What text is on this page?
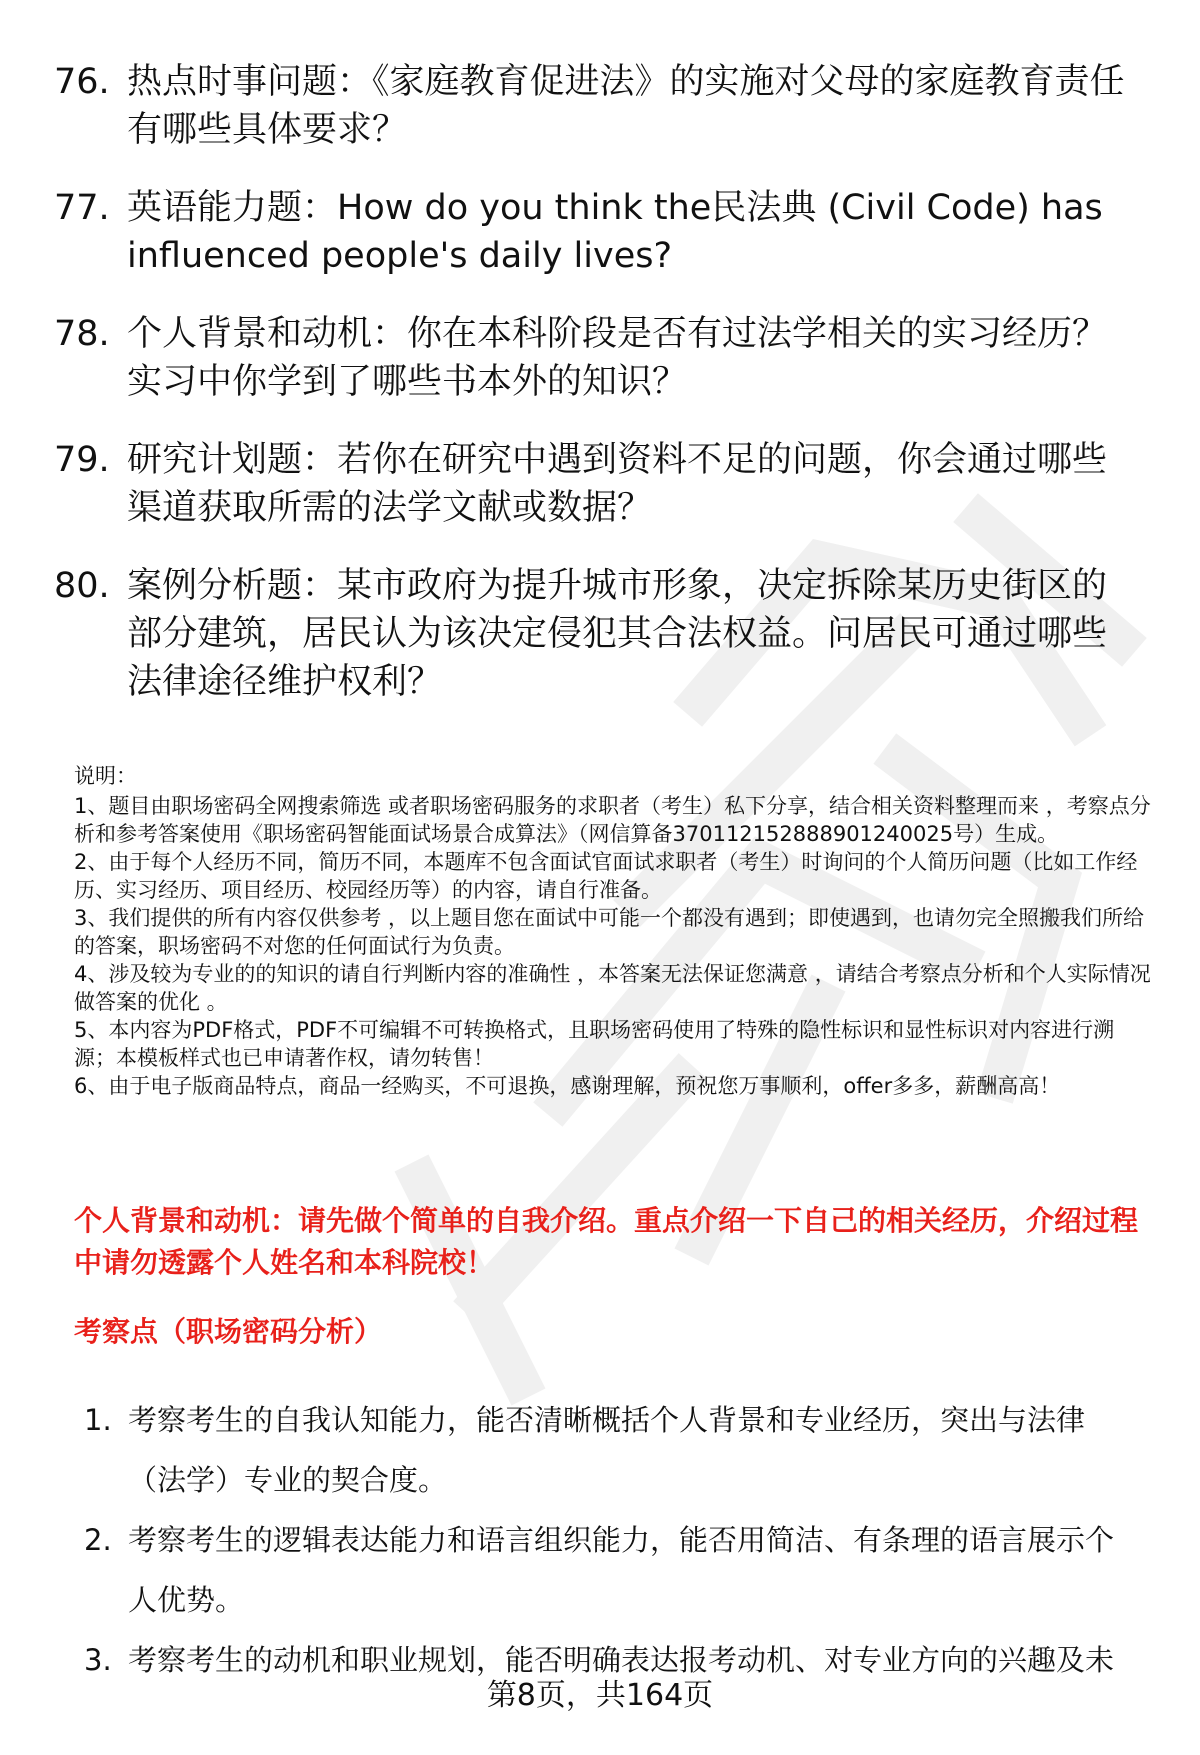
76. 热点时事问题：《家庭教育促进法》的实施对父母的家庭教育责任有哪些具体要求？
77. 英语能力题：How do you think the民法典 (Civil Code) has influenced people's daily lives?
78. 个人背景和动机：你在本科阶段是否有过法学相关的实习经历？实习中你学到了哪些书本外的知识？
79. 研究计划题：若你在研究中遇到资料不足的问题，你会通过哪些渠道获取所需的法学文献或数据？
80. 案例分析题：某市政府为提升城市形象，决定拆除某历史街区的部分建筑，居民认为该决定侵犯其合法权益。问居民可通过哪些法律途径维护权利？

说明：

1、题目由职场密码全网搜索筛选 或者职场密码服务的求职者（考生）私下分享，结合相关资料整理而来 ，考察点分析和参考答案使用《职场密码智能面试场景合成算法》（网信算备370112152888901240025号）生成。

2、由于每个人经历不同，简历不同，本题库不包含面试官面试求职者（考生）时询问的个人简历问题（比如工作经历、实习经历、项目经历、校园经历等）的内容，请自行准备。

3、我们提供的所有内容仅供参考 ，以上题目您在面试中可能一个都没有遇到；即使遇到，也请勿完全照搬我们所给的答案，职场密码不对您的任何面试行为负责。

4、涉及较为专业的的知识的请自行判断内容的准确性 ，本答案无法保证您满意 ，请结合考察点分析和个人实际情况做答案的优化 。

5、本内容为PDF格式，PDF不可编辑不可转换格式，且职场密码使用了特殊的隐性标识和显性标识对内容进行溯源；本模板样式也已申请著作权，请勿转售！

6、由于电子版商品特点，商品一经购买，不可退换，感谢理解，预祝您万事顺利，offer多多，薪酬高高！

个人背景和动机：请先做个简单的自我介绍。重点介绍一下自己的相关经历，介绍过程中请勿透露个人姓名和本科院校！
考察点（职场密码分析）
1. 考察考生的自我认知能力，能否清晰概括个人背景和专业经历，突出与法律（法学）专业的契合度。
2. 考察考生的逻辑表达能力和语言组织能力，能否用简洁、有条理的语言展示个人优势。
3. 考察考生的动机和职业规划，能否明确表达报考动机、对专业方向的兴趣及未
第8页，共164页
